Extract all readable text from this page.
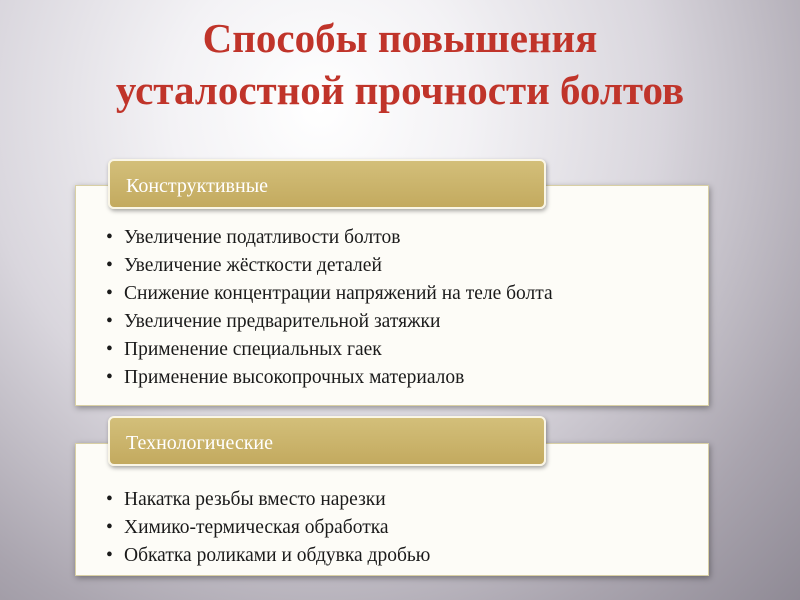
Способы повышения
усталостной прочности болтов
• Увеличение податливости болтов
• Увеличение жёсткости деталей
• Снижение концентрации напряжений на теле болта
• Увеличение предварительной затяжки
• Применение специальных гаек
• Применение высокопрочных материалов
Конструктивные
• Накатка резьбы вместо нарезки
• Химико-термическая обработка
• Обкатка роликами и обдувка дробью
Технологические
